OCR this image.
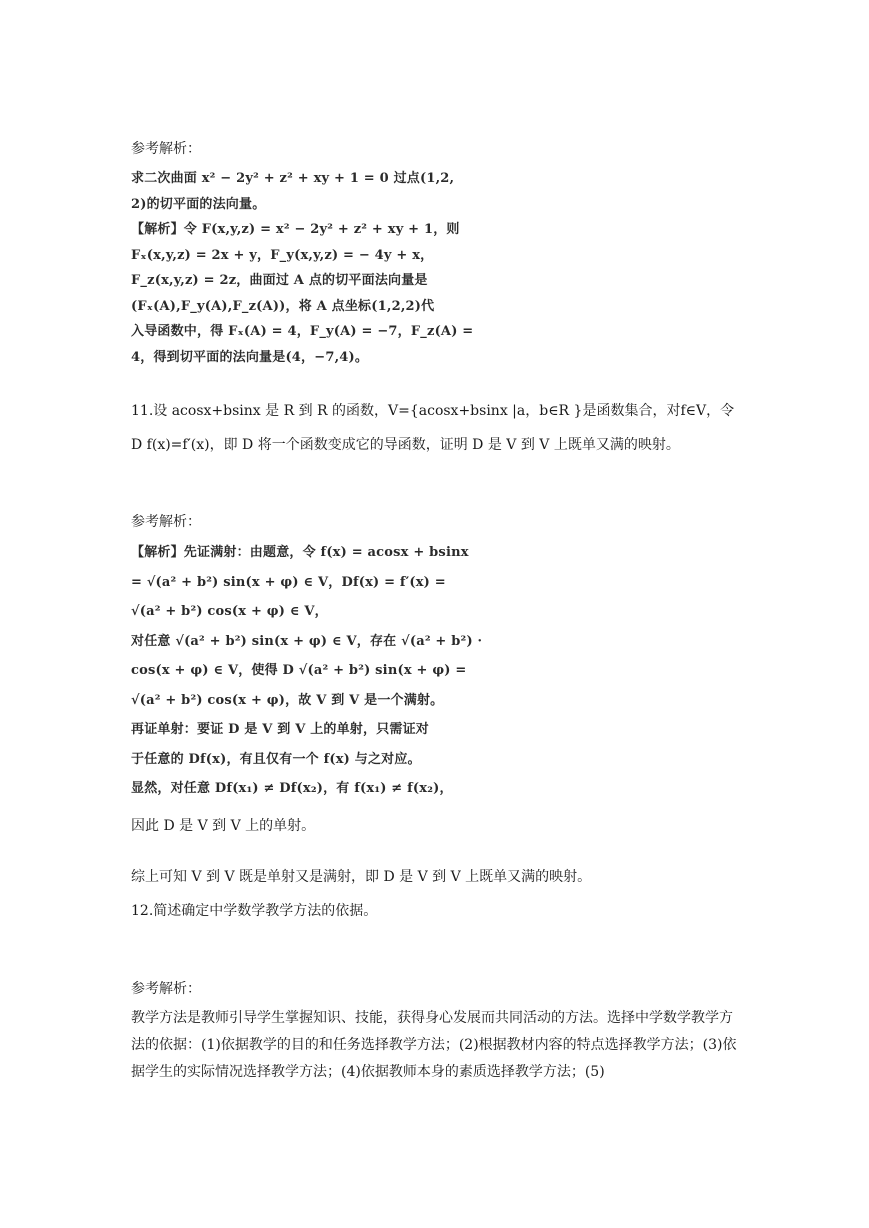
参考解析：
求二次曲面 x² − 2y² + z² + xy + 1 = 0 过点(1,2,
2)的切平面的法向量。
【解析】令 F(x,y,z) = x² − 2y² + z² + xy + 1，则
Fₓ(x,y,z) = 2x + y，F_y(x,y,z) = − 4y + x，
F_z(x,y,z) = 2z，曲面过 A 点的切平面法向量是
(Fₓ(A),F_y(A),F_z(A))，将 A 点坐标(1,2,2)代
入导函数中，得 Fₓ(A) = 4，F_y(A) = −7，F_z(A) =
4，得到切平面的法向量是(4，−7,4)。
11.设 acosx+bsinx 是 R 到 R 的函数，V={acosx+bsinx |a，b∈R }是函数集合，对f∈V，令
D f(x)=f′(x)，即 D 将一个函数变成它的导函数，证明 D 是 V 到 V 上既单又满的映射。
参考解析：
【解析】先证满射：由题意，令 f(x) = acosx + bsinx
= √(a² + b²) sin(x + φ) ∈ V，Df(x) = f′(x) =
√(a² + b²) cos(x + φ) ∈ V，
对任意 √(a² + b²) sin(x + φ) ∈ V，存在 √(a² + b²) ·
cos(x + φ) ∈ V，使得 D √(a² + b²) sin(x + φ) =
√(a² + b²) cos(x + φ)，故 V 到 V 是一个满射。
再证单射：要证 D 是 V 到 V 上的单射，只需证对
于任意的 Df(x)，有且仅有一个 f(x) 与之对应。
显然，对任意 Df(x₁) ≠ Df(x₂)，有 f(x₁) ≠ f(x₂)，
因此 D 是 V 到 V 上的单射。
综上可知 V 到 V 既是单射又是满射，即 D 是 V 到 V 上既单又满的映射。
12.简述确定中学数学教学方法的依据。
参考解析：
教学方法是教师引导学生掌握知识、技能，获得身心发展而共同活动的方法。选择中学数学教学方法的依据：(1)依据教学的目的和任务选择教学方法；(2)根据教材内容的特点选择教学方法；(3)依据学生的实际情况选择教学方法；(4)依据教师本身的素质选择教学方法；(5)
